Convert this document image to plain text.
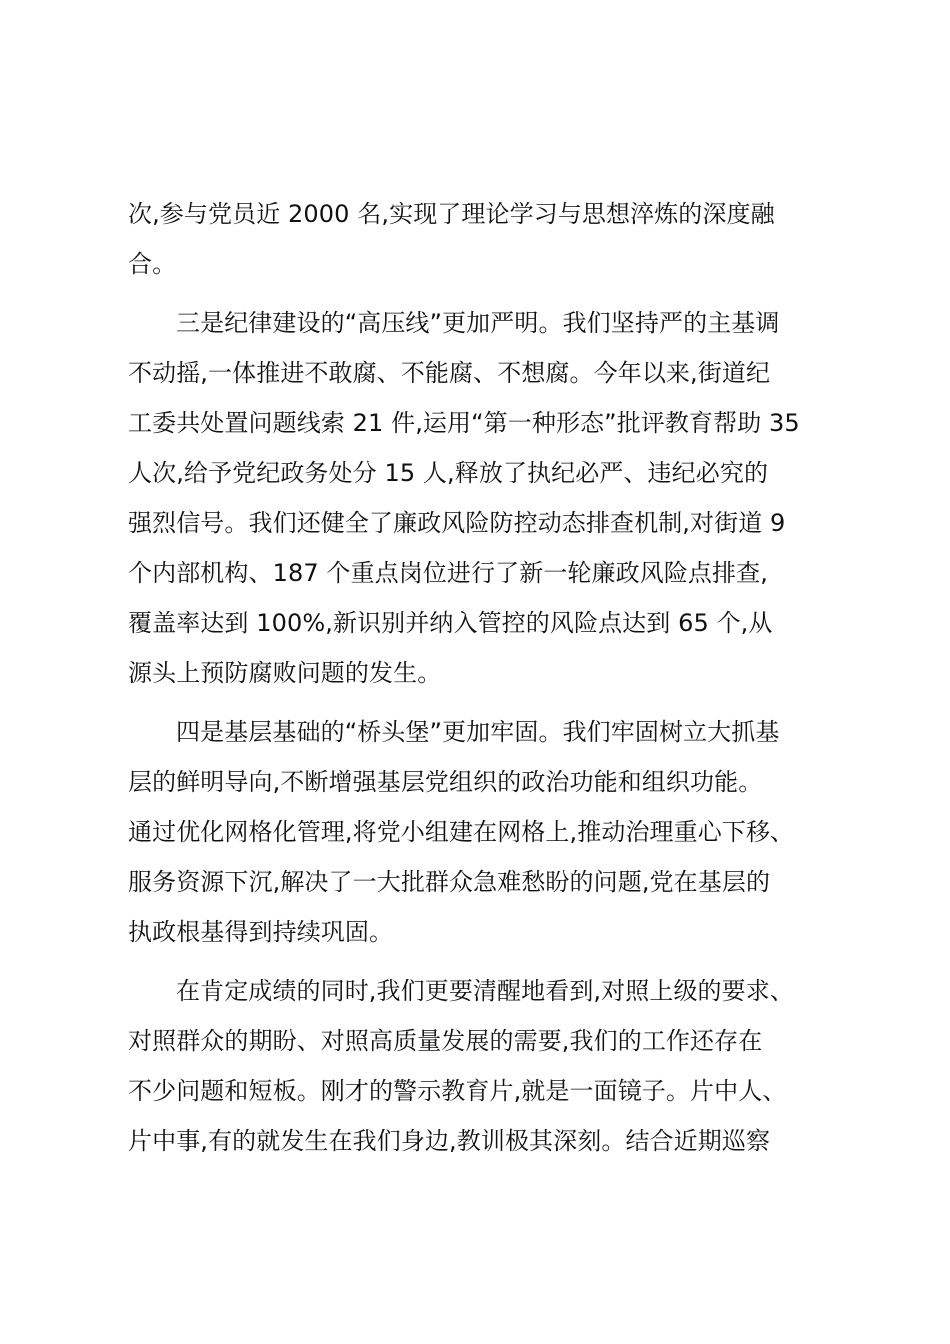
次,参与党员近 2000 名,实现了理论学习与思想淬炼的深度融
合。
三是纪律建设的“高压线”更加严明。我们坚持严的主基调
不动摇,一体推进不敢腐、不能腐、不想腐。今年以来,街道纪
工委共处置问题线索 21 件,运用“第一种形态”批评教育帮助 35
人次,给予党纪政务处分 15 人,释放了执纪必严、违纪必究的
强烈信号。我们还健全了廉政风险防控动态排查机制,对街道 9
个内部机构、187 个重点岗位进行了新一轮廉政风险点排查,
覆盖率达到 100%,新识别并纳入管控的风险点达到 65 个,从
源头上预防腐败问题的发生。
四是基层基础的“桥头堡”更加牢固。我们牢固树立大抓基
层的鲜明导向,不断增强基层党组织的政治功能和组织功能。
通过优化网格化管理,将党小组建在网格上,推动治理重心下移、
服务资源下沉,解决了一大批群众急难愁盼的问题,党在基层的
执政根基得到持续巩固。
在肯定成绩的同时,我们更要清醒地看到,对照上级的要求、
对照群众的期盼、对照高质量发展的需要,我们的工作还存在
不少问题和短板。刚才的警示教育片,就是一面镜子。片中人、
片中事,有的就发生在我们身边,教训极其深刻。结合近期巡察
